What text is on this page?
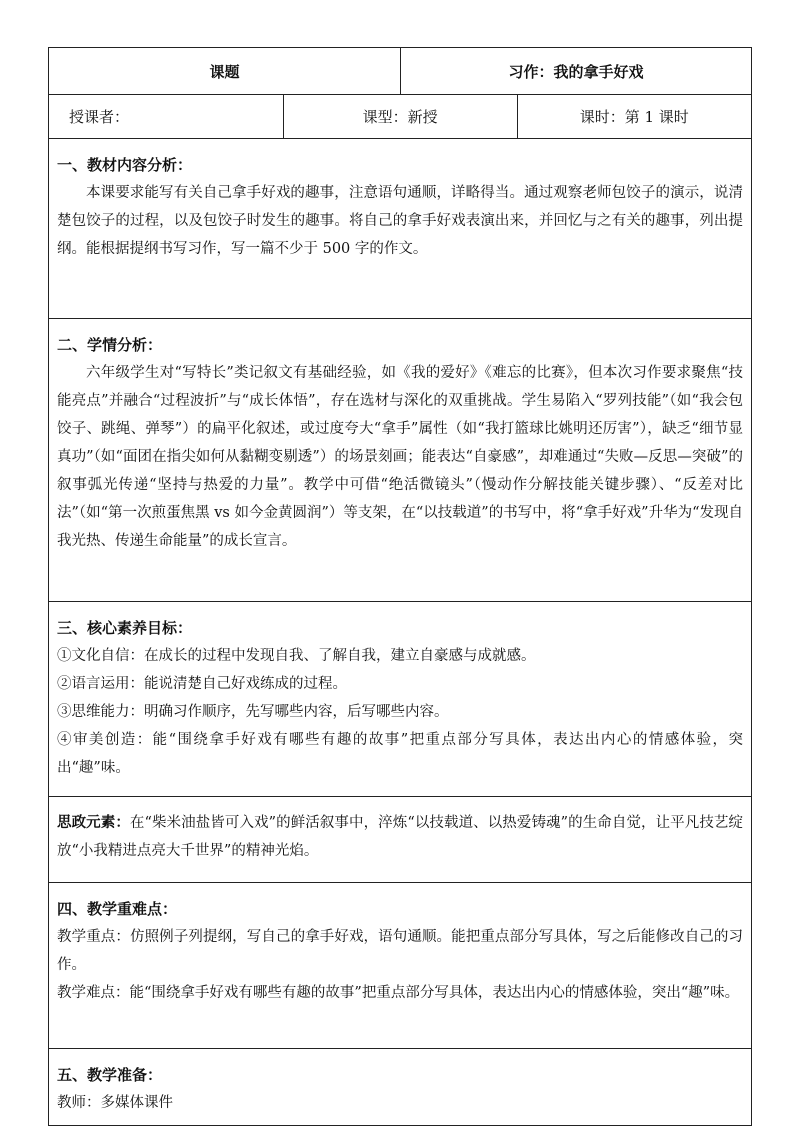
课题	习作：我的拿手好戏
授课者：	课型：新授	课时：第 1 课时
一、教材内容分析：

本课要求能写有关自己拿手好戏的趣事，注意语句通顺，详略得当。通过观察老师包饺子的演示，说清楚包饺子的过程，以及包饺子时发生的趣事。将自己的拿手好戏表演出来，并回忆与之有关的趣事，列出提纲。能根据提纲书写习作，写一篇不少于 500 字的作文。

二、学情分析：

六年级学生对“写特长”类记叙文有基础经验，如《我的爱好》《难忘的比赛》，但本次习作要求聚焦“技能亮点”并融合“过程波折”与“成长体悟”，存在选材与深化的双重挑战。学生易陷入“罗列技能”（如“我会包饺子、跳绳、弹琴”）的扁平化叙述，或过度夸大“拿手”属性（如“我打篮球比姚明还厉害”），缺乏“细节显真功”（如“面团在指尖如何从黏糊变剔透”）的场景刻画；能表达“自豪感”，却难通过“失败—反思—突破”的叙事弧光传递“坚持与热爱的力量”。教学中可借“绝活微镜头”（慢动作分解技能关键步骤）、“反差对比法”（如“第一次煎蛋焦黑 vs 如今金黄圆润”）等支架，在“以技载道”的书写中，将“拿手好戏”升华为“发现自我光热、传递生命能量”的成长宣言。

三、核心素养目标：

①文化自信：在成长的过程中发现自我、了解自我，建立自豪感与成就感。

②语言运用：能说清楚自己好戏练成的过程。

③思维能力：明确习作顺序，先写哪些内容，后写哪些内容。

④审美创造：能“围绕拿手好戏有哪些有趣的故事”把重点部分写具体，表达出内心的情感体验，突出“趣”味。

思政元素：在“柴米油盐皆可入戏”的鲜活叙事中，淬炼“以技载道、以热爱铸魂”的生命自觉，让平凡技艺绽放“小我精进点亮大千世界”的精神光焰。

四、教学重难点：

教学重点：仿照例子列提纲，写自己的拿手好戏，语句通顺。能把重点部分写具体，写之后能修改自己的习作。

教学难点：能“围绕拿手好戏有哪些有趣的故事”把重点部分写具体，表达出内心的情感体验，突出“趣”味。

五、教学准备：

教师：多媒体课件
